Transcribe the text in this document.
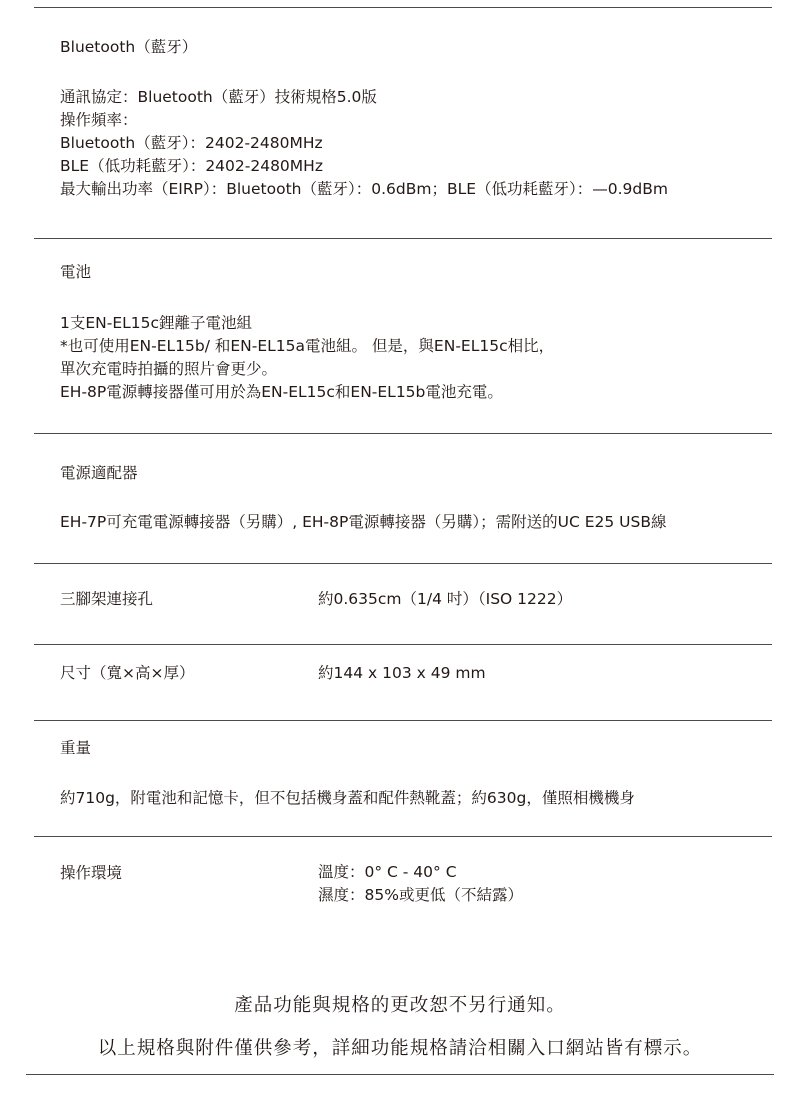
Bluetooth（藍牙）
通訊協定：Bluetooth（藍牙）技術規格5.0版
操作頻率：
Bluetooth（藍牙）：2402-2480MHz
BLE（低功耗藍牙）：2402-2480MHz
最大輸出功率（EIRP）：Bluetooth（藍牙）：0.6dBm；BLE（低功耗藍牙）：—0.9dBm
電池
1支EN-EL15c鋰離子電池組
*也可使用EN-EL15b/ 和EN-EL15a電池組。 但是，與EN-EL15c相比，
單次充電時拍攝的照片會更少。
EH-8P電源轉接器僅可用於為EN-EL15c和EN-EL15b電池充電。
電源適配器
EH-7P可充電電源轉接器（另購）, EH-8P電源轉接器（另購）；需附送的UC E25 USB線
三腳架連接孔	約0.635cm（1/4 吋）（ISO 1222）
尺寸（寬×高×厚）	約144 x 103 x 49 mm
重量
約710g，附電池和記憶卡，但不包括機身蓋和配件熱靴蓋；約630g，僅照相機機身
操作環境	溫度：0° C - 40° C
濕度：85%或更低（不結露）
產品功能與規格的更改恕不另行通知。
以上規格與附件僅供參考，詳細功能規格請洽相關入口網站皆有標示。
